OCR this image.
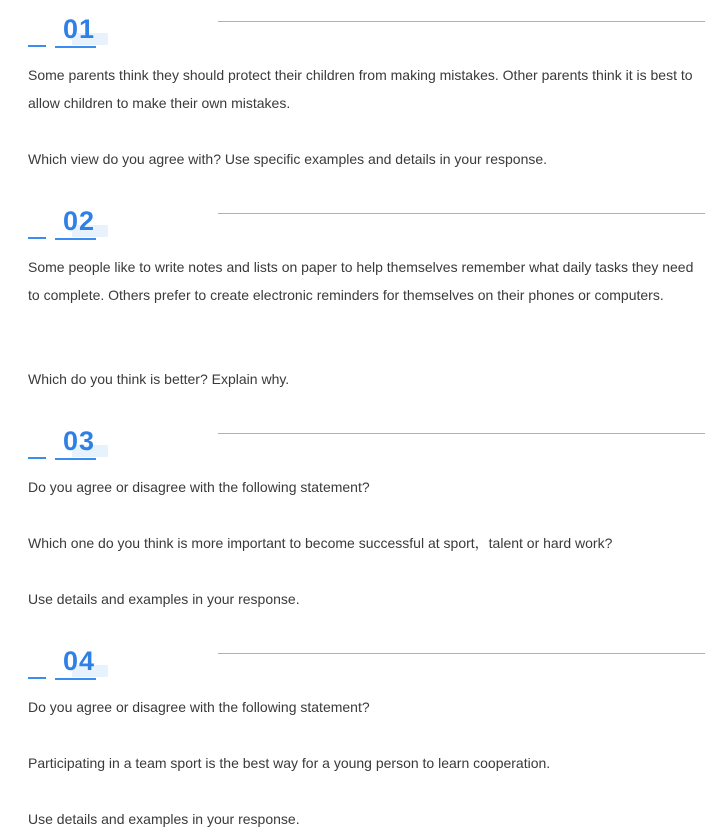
01

Some parents think they should protect their children from making mistakes. Other parents think it is best to allow children to make their own mistakes.

Which view do you agree with? Use specific examples and details in your response.

02

Some people like to write notes and lists on paper to help themselves remember what daily tasks they need to complete. Others prefer to create electronic reminders for themselves on their phones or computers.

Which do you think is better? Explain why.

03

Do you agree or disagree with the following statement?

Which one do you think is more important to become successful at sport，talent or hard work?

Use details and examples in your response.

04

Do you agree or disagree with the following statement?

Participating in a team sport is the best way for a young person to learn cooperation.

Use details and examples in your response.
